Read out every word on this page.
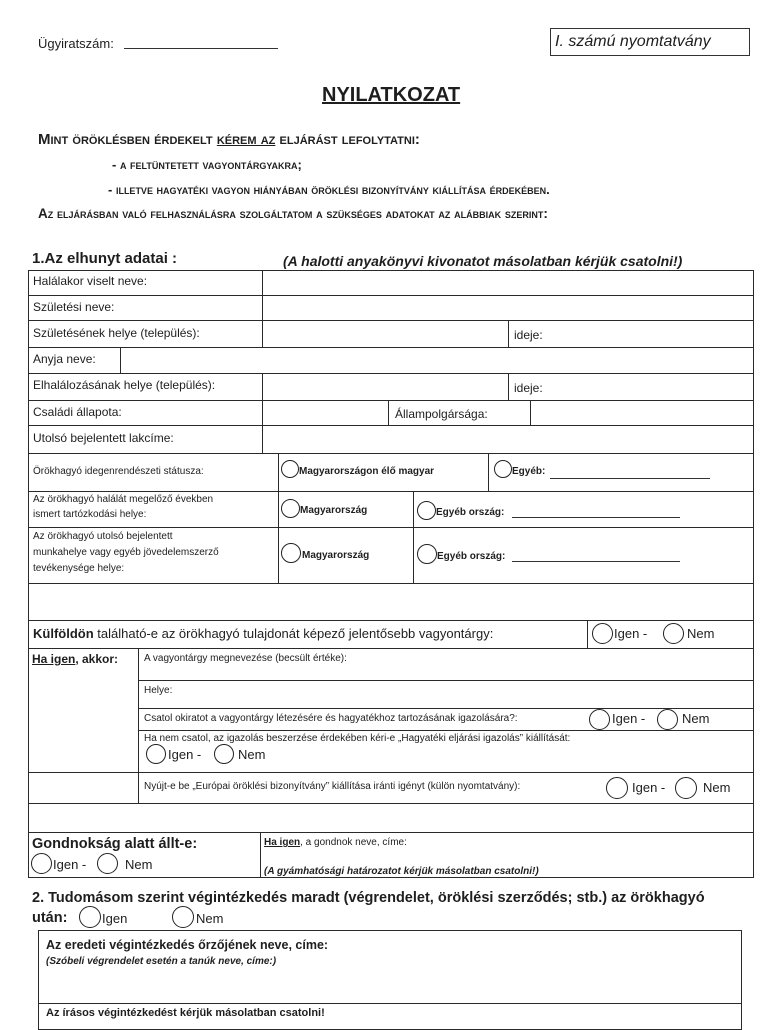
Ügyiratszám:	I. számú nyomtatvány
NYILATKOZAT
Mint öröklésben érdekelt kérem az eljárást lefolytatni:
- a feltüntetett vagyontárgyakra;
- illetve hagyatéki vagyon hiányában öröklési bizonyítvány kiállítása érdekében.
Az eljárásban való felhasználásra szolgáltatom a szükséges adatokat az alábbiak szerint:
1.Az elhunyt adatai :	(A halotti anyakönyvi kivonatot másolatban kérjük csatolni!)
Halálakor viselt neve:
Születési neve:
Születésének helye (település):	ideje:
Anyja neve:
Elhalálozásának helye (település):	ideje:
Családi állapota:	Állampolgársága:
Utolsó bejelentett lakcíme:
Örökhagyó idegenrendészeti státusza:	Magyarországon élő magyar	Egyéb:
Az örökhagyó halálát megelőző években
ismert tartózkodási helye:	Magyarország	Egyéb ország:
Az örökhagyó utolsó bejelentett
munkahelye vagy egyéb jövedelemszerző
tevékenysége helye:
Magyarország	Egyéb ország:
Külföldön található-e az örökhagyó tulajdonát képező jelentősebb vagyontárgy:	Igen -	Nem
Ha igen, akkor:	A vagyontárgy megnevezése (becsült értéke):
Helye:
Csatol okiratot a vagyontárgy létezésére és hagyatékhoz tartozásának igazolására?:	Igen -	Nem
Ha nem csatol, az igazolás beszerzése érdekében kéri-e „Hagyatéki eljárási igazolás” kiállítását:
Igen -	Nem
Nyújt-e be „Európai öröklési bizonyítvány” kiállítása iránti igényt (külön nyomtatvány):	Igen -	Nem
Gondnokság alatt állt-e:
Igen -	Nem
Ha igen, a gondnok neve, címe:
(A gyámhatósági határozatot kérjük másolatban csatolni!)
2. Tudomásom szerint végintézkedés maradt (végrendelet, öröklési szerződés; stb.) az örökhagyó
után:	Igen	Nem
Az eredeti végintézkedés őrzőjének neve, címe:
(Szóbeli végrendelet esetén a tanúk neve, címe:)
Az írásos végintézkedést kérjük másolatban csatolni!
